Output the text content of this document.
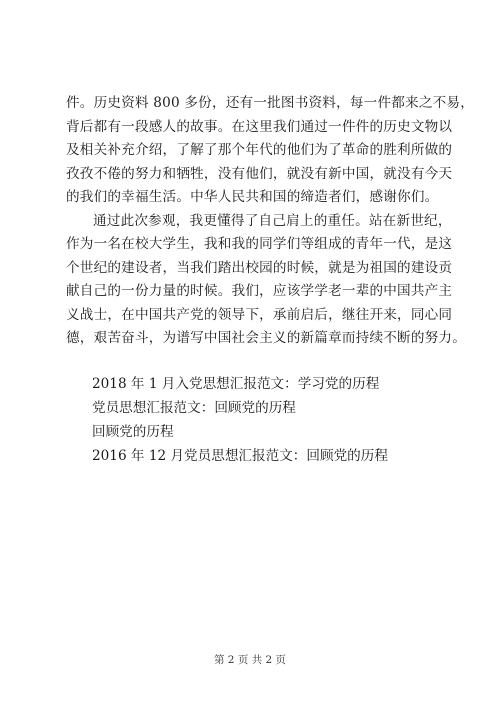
件。历史资料 800 多份，还有一批图书资料，每一件都来之不易，
背后都有一段感人的故事。在这里我们通过一件件的历史文物以
及相关补充介绍，了解了那个年代的他们为了革命的胜利所做的
孜孜不倦的努力和牺牲，没有他们，就没有新中国，就没有今天
的我们的幸福生活。中华人民共和国的缔造者们，感谢你们。
通过此次参观，我更懂得了自己肩上的重任。站在新世纪，
作为一名在校大学生，我和我的同学们等组成的青年一代，是这
个世纪的建设者，当我们踏出校园的时候，就是为祖国的建设贡
献自己的一份力量的时候。我们，应该学学老一辈的中国共产主
义战士，在中国共产党的领导下，承前启后，继往开来，同心同
德，艰苦奋斗，为谱写中国社会主义的新篇章而持续不断的努力。
2018 年 1 月入党思想汇报范文：学习党的历程
党员思想汇报范文：回顾党的历程
回顾党的历程
2016 年 12 月党员思想汇报范文：回顾党的历程
第 2 页 共 2 页
